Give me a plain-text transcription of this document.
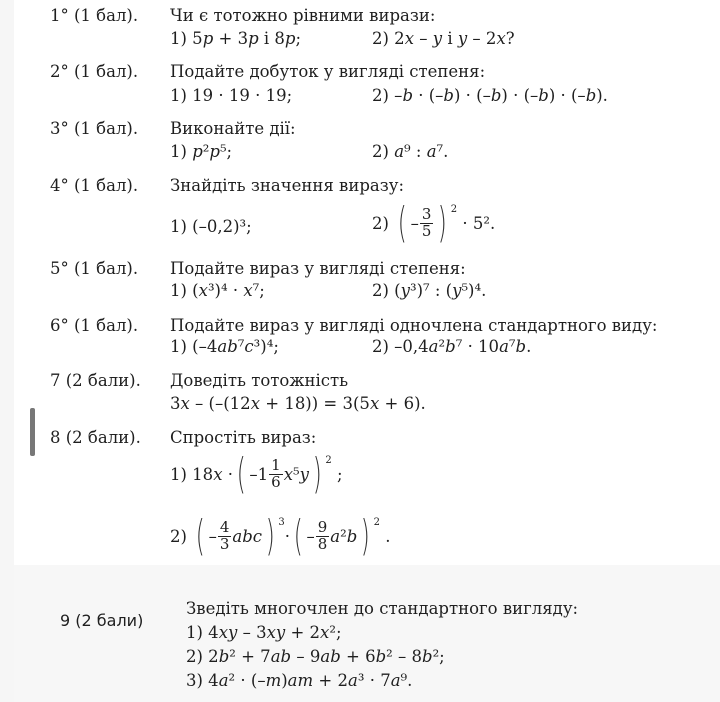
1° (1 бал). Чи є тотожно рівними вирази:
1) 5p + 3p і 8p;	2) 2x – y і y – 2x?
2° (1 бал). Подайте добуток у вигляді степеня:
1) 19 · 19 · 19;	2) –b · (–b) · (–b) · (–b) · (–b).
3° (1 бал). Виконайте дії:
1) p²p⁵;	2) a⁹ : a⁷.
4° (1 бал). Знайдіть значення виразу:
1) (–0,2)³;	2)
( – $\frac{3}{5}$ ) $^2$

· 5².
5° (1 бал). Подайте вираз у вигляді степеня:
1) (x³)⁴ · x⁷;	2) (y³)⁷ : (y⁵)⁴.
6° (1 бал). Подайте вираз у вигляді одночлена стандартного виду:
1) (–4ab⁷c³)⁴;	2) –0,4a²b⁷ · 10a⁷b.
7 (2 бали). Доведіть тотожність
3x – (–(12x + 18)) = 3(5x + 6).
8 (2 бали). Спростіть вираз:
1) 18x · ( $-1 \frac{1}{6} x^5y$ ) $^2$

;
2)
( – $\frac{4}{3}$ abc ) $^3$
· ( – $\frac{9}{8} a^2b$ ) $^2$

.
9 (2 бали)
Зведіть многочлен до стандартного вигляду:
1) 4xy – 3xy + 2x²;
2) 2b² + 7ab – 9ab + 6b² – 8b²;
3) 4a² · (–m)am + 2a³ · 7a⁹.
